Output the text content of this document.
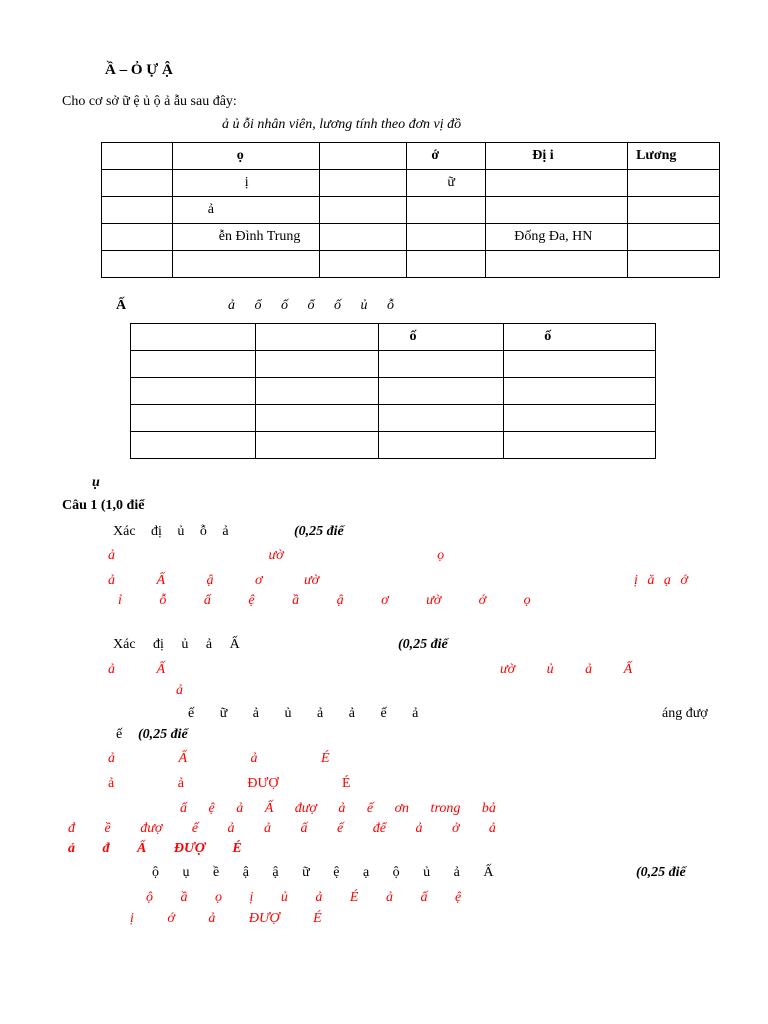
Ầ – Ỏ Ự Ậ
Cho cơ sở ữ ệ ủ ộ ả ẫu sau đây:
ả ủ ỗi nhân viên, lương tính theo đơn vị đồ
	ọ		ớ	Đị i	Lương
	ị		ữ		
	ả				
	ễn Đình Trung			Đống Đa, HN	

Ấ	ả ổ ố ổ ố ủ ỗ
		ố	ố

ụ
Câu 1 (1,0 điể
Xác đị ủ ỗ ả	(0,25 điể
ả ườ ọ
ả Ấ ậ ơ ườ	ị ă ạ ớ
ỉ ỗ ấ ệ ầ ậ ơ ườ ớ ọ
Xác đị ủ ả Ấ	(0,25 điể
ả Ấ	ườ ủ ả Ấ
ả
ế ữ ả ủ ả ả ế ả	áng đượ
ế (0,25 điể
ả Ấ ả É
ả ả ĐƯỢ É
ấ ệ ả Ấ đượ ả ế ơn trong bả
đ ề đượ ế ả ả ấ ế để ả ở ả
ả đ Ấ ĐƯỢ É
ộ ụ ề ậ ậ ữ ệ ạ ộ ủ ả Ấ	(0,25 điể
ộ ầ ọ ị ủ ả É ả ấ ệ
ị ớ ả ĐƯỢ É
